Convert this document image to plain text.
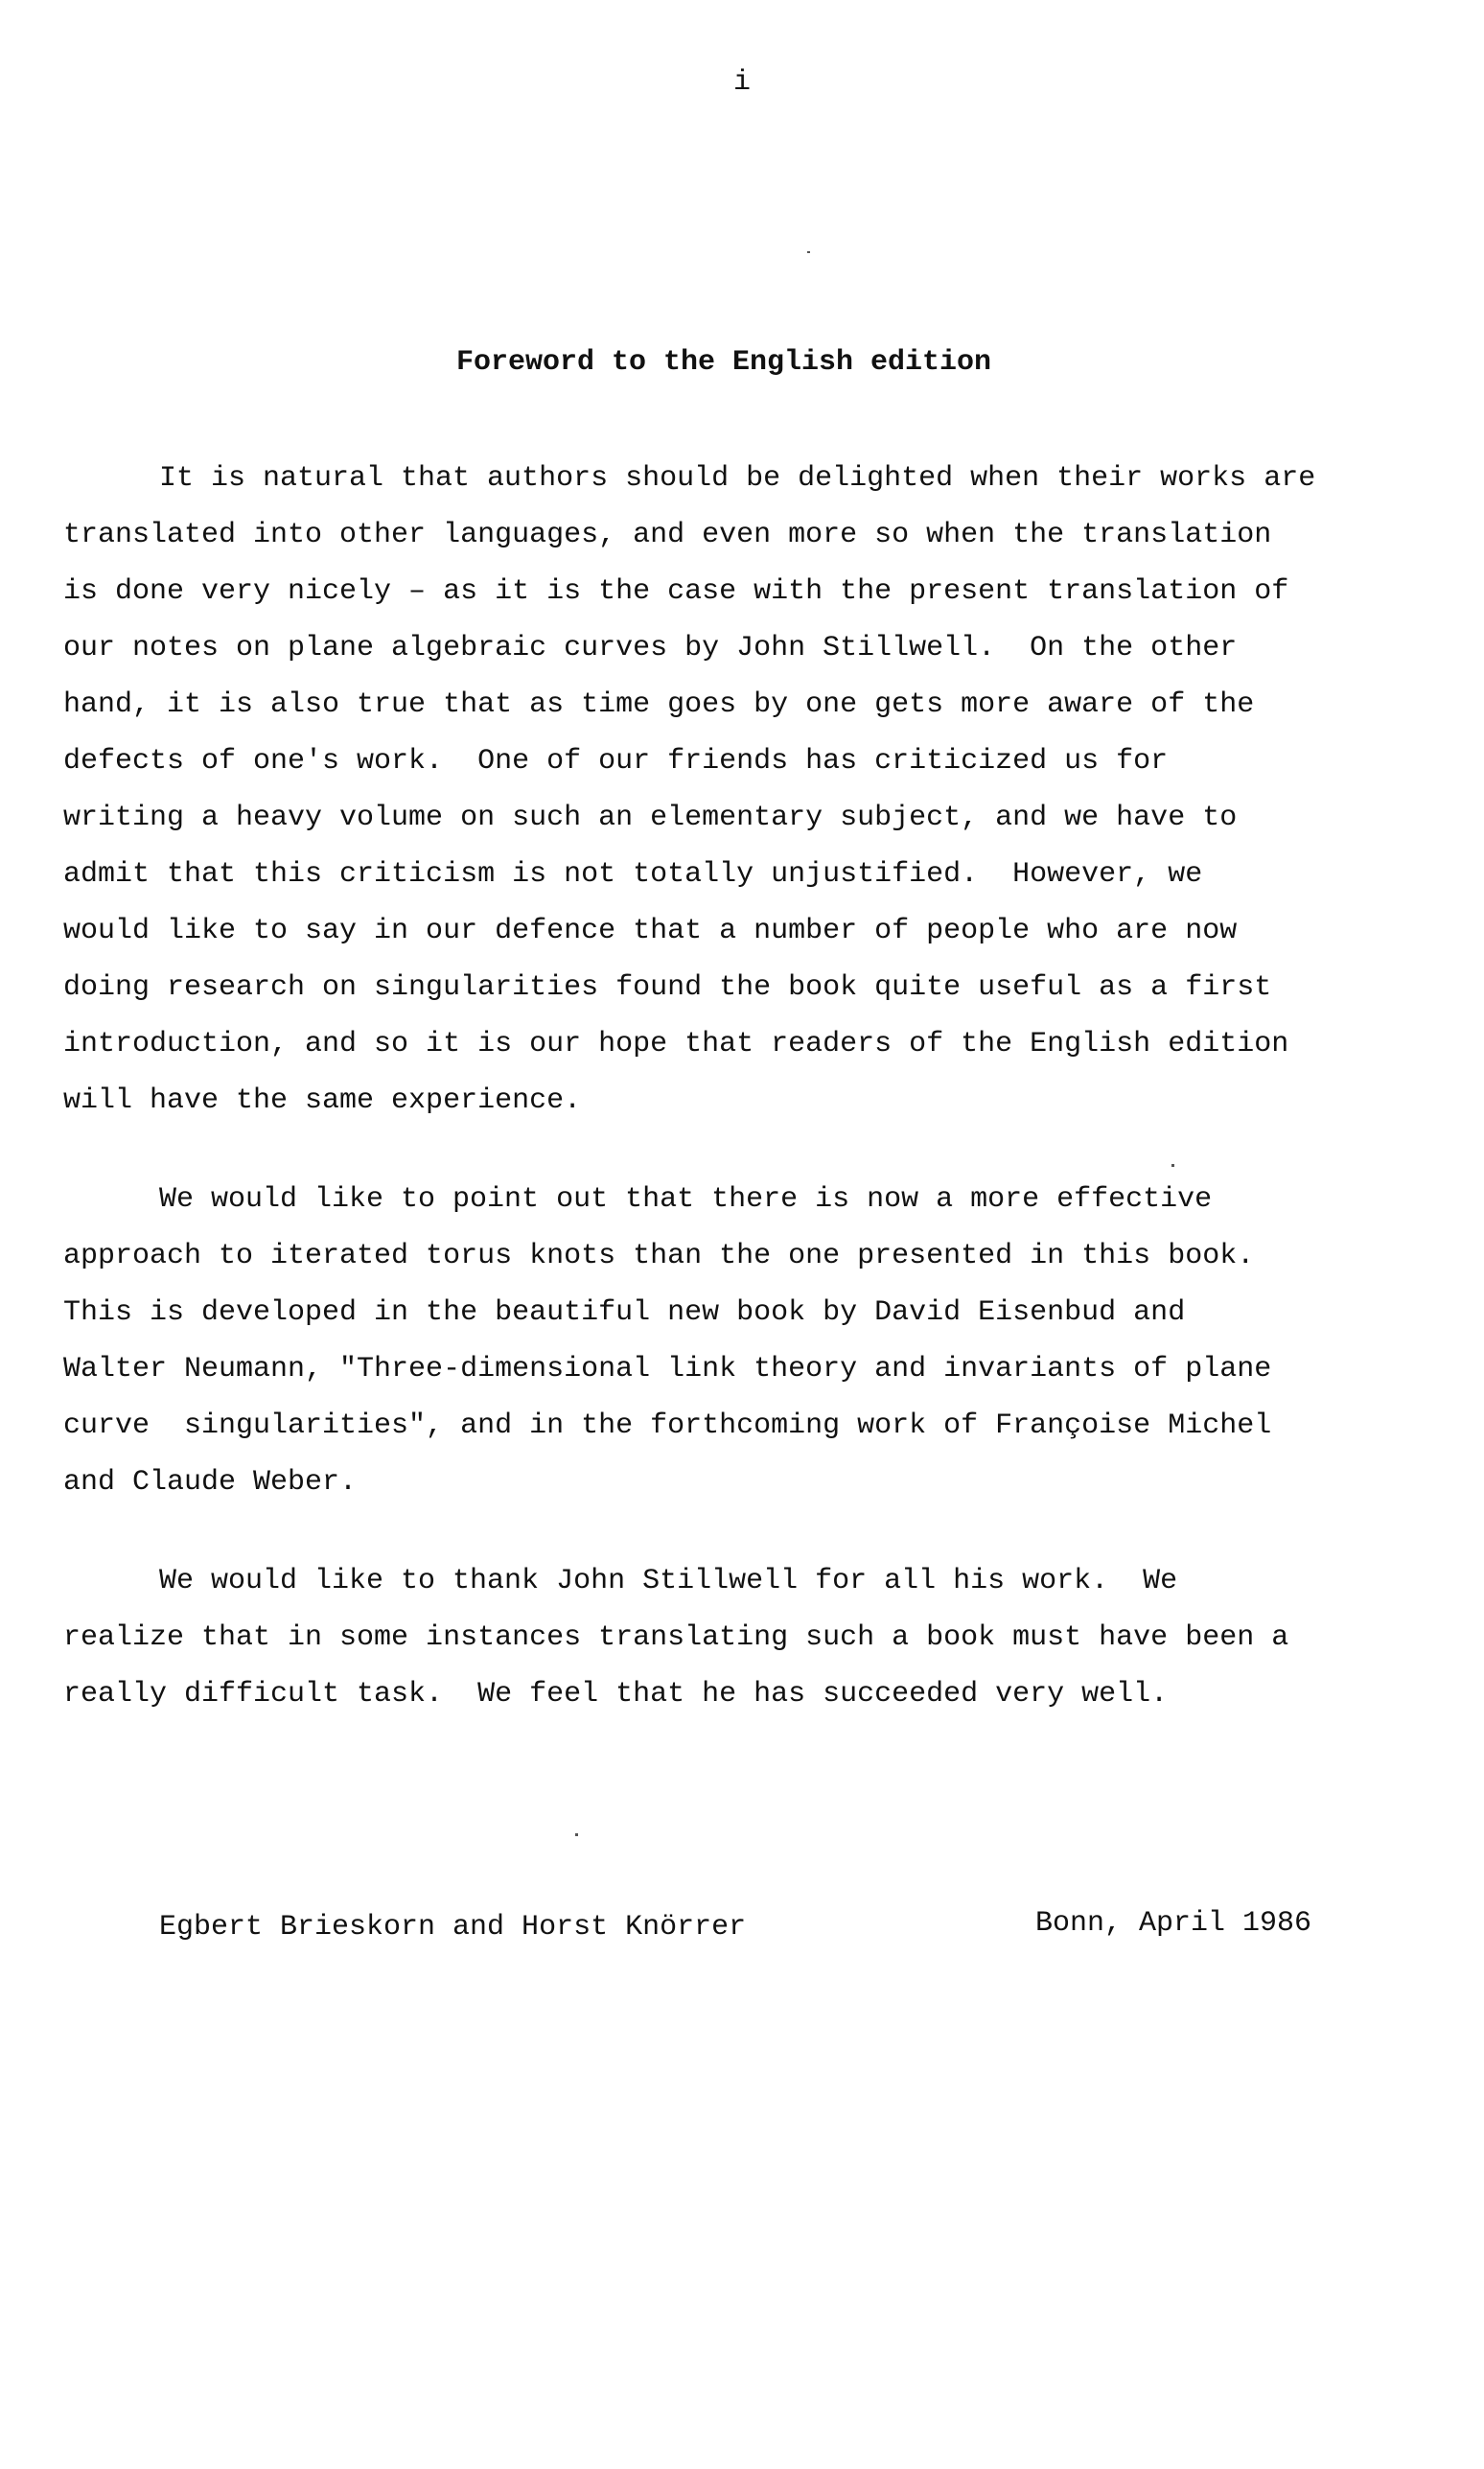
i
Foreword to the English edition
It is natural that authors should be delighted when their works are
translated into other languages, and even more so when the translation
is done very nicely – as it is the case with the present translation of
our notes on plane algebraic curves by John Stillwell.  On the other
hand, it is also true that as time goes by one gets more aware of the
defects of one's work.  One of our friends has criticized us for
writing a heavy volume on such an elementary subject, and we have to
admit that this criticism is not totally unjustified.  However, we
would like to say in our defence that a number of people who are now
doing research on singularities found the book quite useful as a first
introduction, and so it is our hope that readers of the English edition
will have the same experience.
We would like to point out that there is now a more effective
approach to iterated torus knots than the one presented in this book.
This is developed in the beautiful new book by David Eisenbud and
Walter Neumann, "Three-dimensional link theory and invariants of plane
curve  singularities", and in the forthcoming work of Françoise Michel
and Claude Weber.
We would like to thank John Stillwell for all his work.  We
realize that in some instances translating such a book must have been a
really difficult task.  We feel that he has succeeded very well.
Egbert Brieskorn and Horst Knörrer	Bonn, April 1986
